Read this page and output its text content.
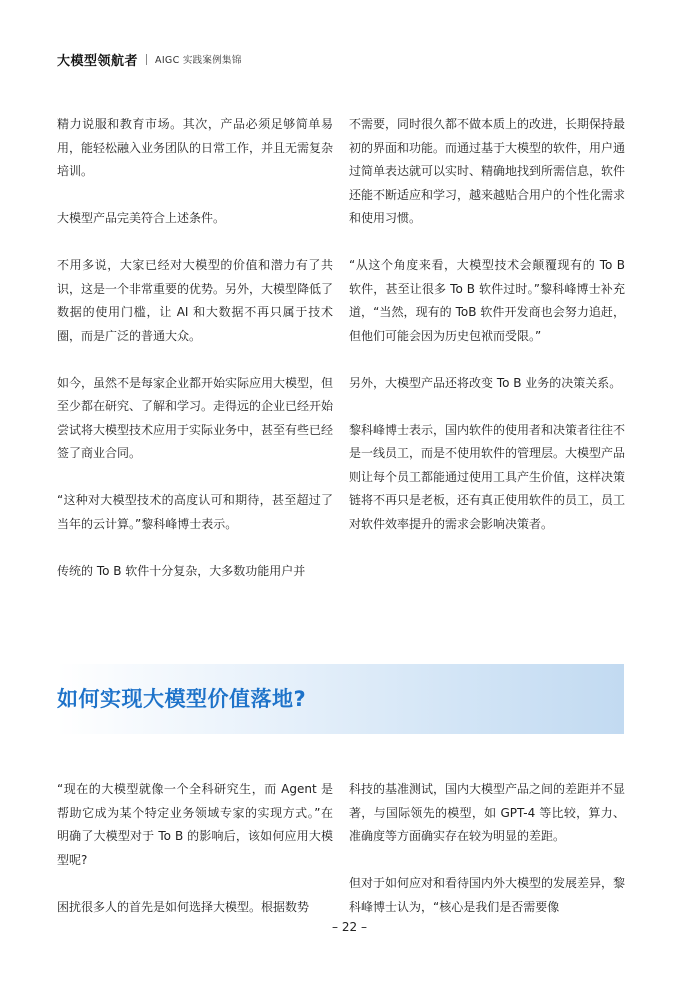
大模型领航者 AIGC 实践案例集锦

精力说服和教育市场。其次，产品必须足够简单易用，能轻松融入业务团队的日常工作，并且无需复杂培训。

大模型产品完美符合上述条件。

不用多说，大家已经对大模型的价值和潜力有了共识，这是一个非常重要的优势。另外，大模型降低了数据的使用门槛，让 AI 和大数据不再只属于技术圈，而是广泛的普通大众。

如今，虽然不是每家企业都开始实际应用大模型，但至少都在研究、了解和学习。走得远的企业已经开始尝试将大模型技术应用于实际业务中，甚至有些已经签了商业合同。

“这种对大模型技术的高度认可和期待，甚至超过了当年的云计算。”黎科峰博士表示。

传统的 To B 软件十分复杂，大多数功能用户并

不需要，同时很久都不做本质上的改进，长期保持最初的界面和功能。而通过基于大模型的软件，用户通过简单表达就可以实时、精确地找到所需信息，软件还能不断适应和学习，越来越贴合用户的个性化需求和使用习惯。

“从这个角度来看，大模型技术会颠覆现有的 To B 软件，甚至让很多 To B 软件过时。”黎科峰博士补充道，“当然，现有的 ToB 软件开发商也会努力追赶，但他们可能会因为历史包袱而受限。”

另外，大模型产品还将改变 To B 业务的决策关系。

黎科峰博士表示，国内软件的使用者和决策者往往不是一线员工，而是不使用软件的管理层。大模型产品则让每个员工都能通过使用工具产生价值，这样决策链将不再只是老板，还有真正使用软件的员工，员工对软件效率提升的需求会影响决策者。

如何实现大模型价值落地?

“现在的大模型就像一个全科研究生，而 Agent 是帮助它成为某个特定业务领域专家的实现方式。”在明确了大模型对于 To B 的影响后，该如何应用大模型呢?

困扰很多人的首先是如何选择大模型。根据数势

科技的基准测试，国内大模型产品之间的差距并不显著，与国际领先的模型，如 GPT-4 等比较，算力、准确度等方面确实存在较为明显的差距。

但对于如何应对和看待国内外大模型的发展差异，黎科峰博士认为，“核心是我们是否需要像

– 22 –
